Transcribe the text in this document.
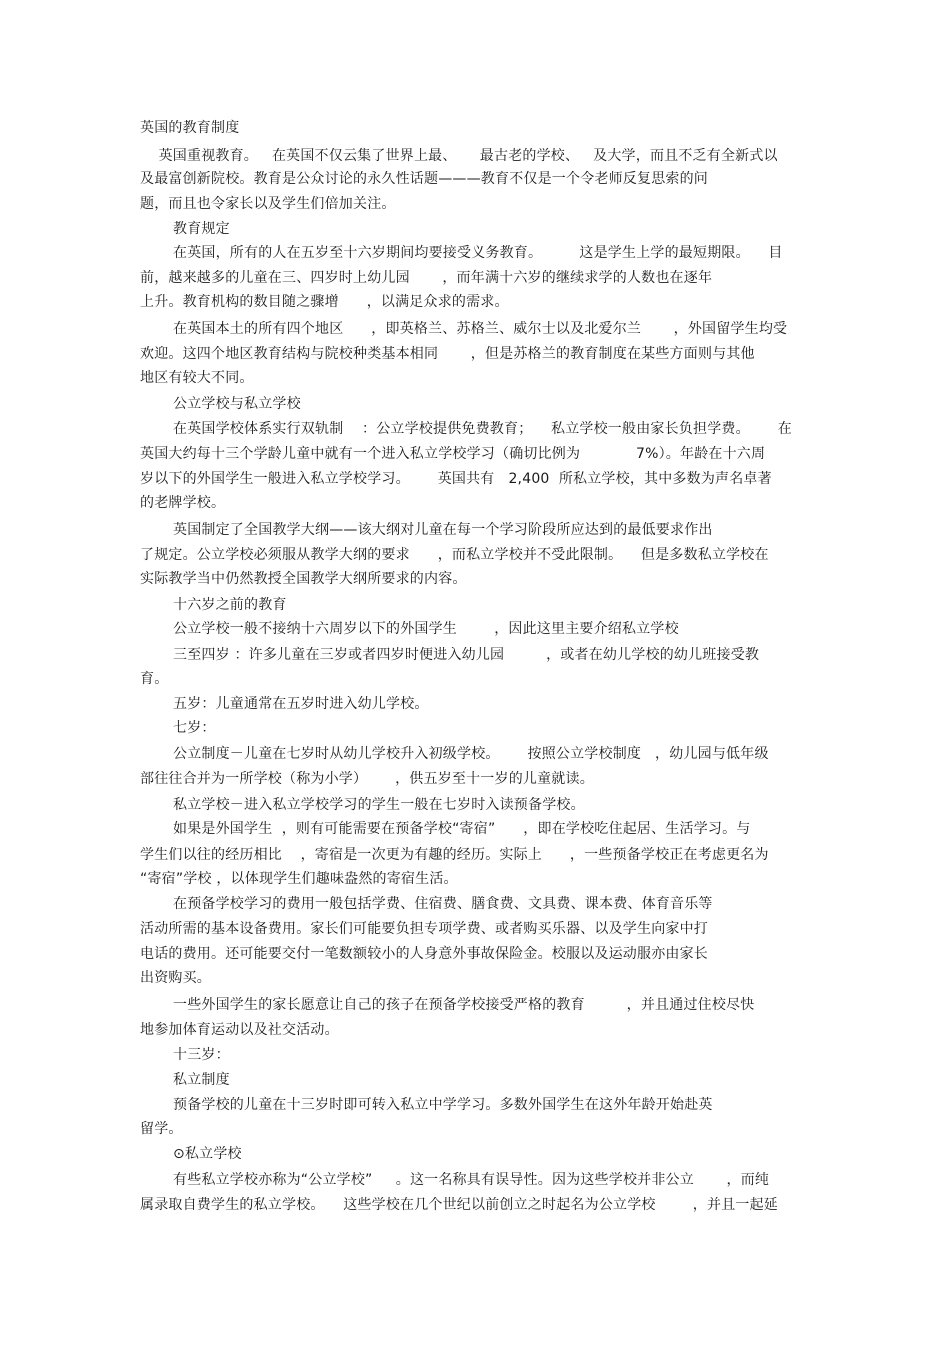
英国的教育制度
英国重视教育。   在英国不仅云集了世界上最、     最古老的学校、   及大学，而且不乏有全新式以
及最富创新院校。教育是公众讨论的永久性话题———教育不仅是一个令老师反复思索的问
题，而且也令家长以及学生们倍加关注。
教育规定
在英国，所有的人在五岁至十六岁期间均要接受义务教育。        这是学生上学的最短期限。    目
前，越来越多的儿童在三、四岁时上幼儿园       ，而年满十六岁的继续求学的人数也在逐年
上升。教育机构的数目随之骤增      ，以满足众求的需求。
在英国本土的所有四个地区      ，即英格兰、苏格兰、威尔士以及北爱尔兰       ，外国留学生均受
欢迎。这四个地区教育结构与院校种类基本相同       ，但是苏格兰的教育制度在某些方面则与其他
地区有较大不同。
公立学校与私立学校
在英国学校体系实行双轨制    ：公立学校提供免费教育；    私立学校一般由家长负担学费。      在
英国大约每十三个学龄儿童中就有一个进入私立学校学习（确切比例为            7%）。年龄在十六周
岁以下的外国学生一般进入私立学校学习。      英国共有   2,400  所私立学校，其中多数为声名卓著
的老牌学校。
英国制定了全国教学大纲——该大纲对儿童在每一个学习阶段所应达到的最低要求作出
了规定。公立学校必须服从教学大纲的要求      ，而私立学校并不受此限制。    但是多数私立学校在
实际教学当中仍然教授全国教学大纲所要求的内容。
十六岁之前的教育
公立学校一般不接纳十六周岁以下的外国学生        ，因此这里主要介绍私立学校
三至四岁 ：许多儿童在三岁或者四岁时便进入幼儿园         ，或者在幼儿学校的幼儿班接受教
育。
五岁：儿童通常在五岁时进入幼儿学校。
七岁：
公立制度－儿童在七岁时从幼儿学校升入初级学校。      按照公立学校制度   ，幼儿园与低年级
部往往合并为一所学校（称为小学）      ，供五岁至十一岁的儿童就读。
私立学校－进入私立学校学习的学生一般在七岁时入读预备学校。
如果是外国学生  ，则有可能需要在预备学校“寄宿”      ，即在学校吃住起居、生活学习。与
学生们以往的经历相比    ，寄宿是一次更为有趣的经历。实际上      ，一些预备学校正在考虑更名为
“寄宿”学校 ，以体现学生们趣味盎然的寄宿生活。
在预备学校学习的费用一般包括学费、住宿费、膳食费、文具费、课本费、体育音乐等
活动所需的基本设备费用。家长们可能要负担专项学费、或者购买乐器、以及学生向家中打
电话的费用。还可能要交付一笔数额较小的人身意外事故保险金。校服以及运动服亦由家长
出资购买。
一些外国学生的家长愿意让自己的孩子在预备学校接受严格的教育         ，并且通过住校尽快
地参加体育运动以及社交活动。
十三岁：
私立制度
预备学校的儿童在十三岁时即可转入私立中学学习。多数外国学生在这外年龄开始赴英
留学。
⊙私立学校
有些私立学校亦称为“公立学校”     。这一名称具有误导性。因为这些学校并非公立       ，而纯
属录取自费学生的私立学校。    这些学校在几个世纪以前创立之时起名为公立学校        ，并且一起延
